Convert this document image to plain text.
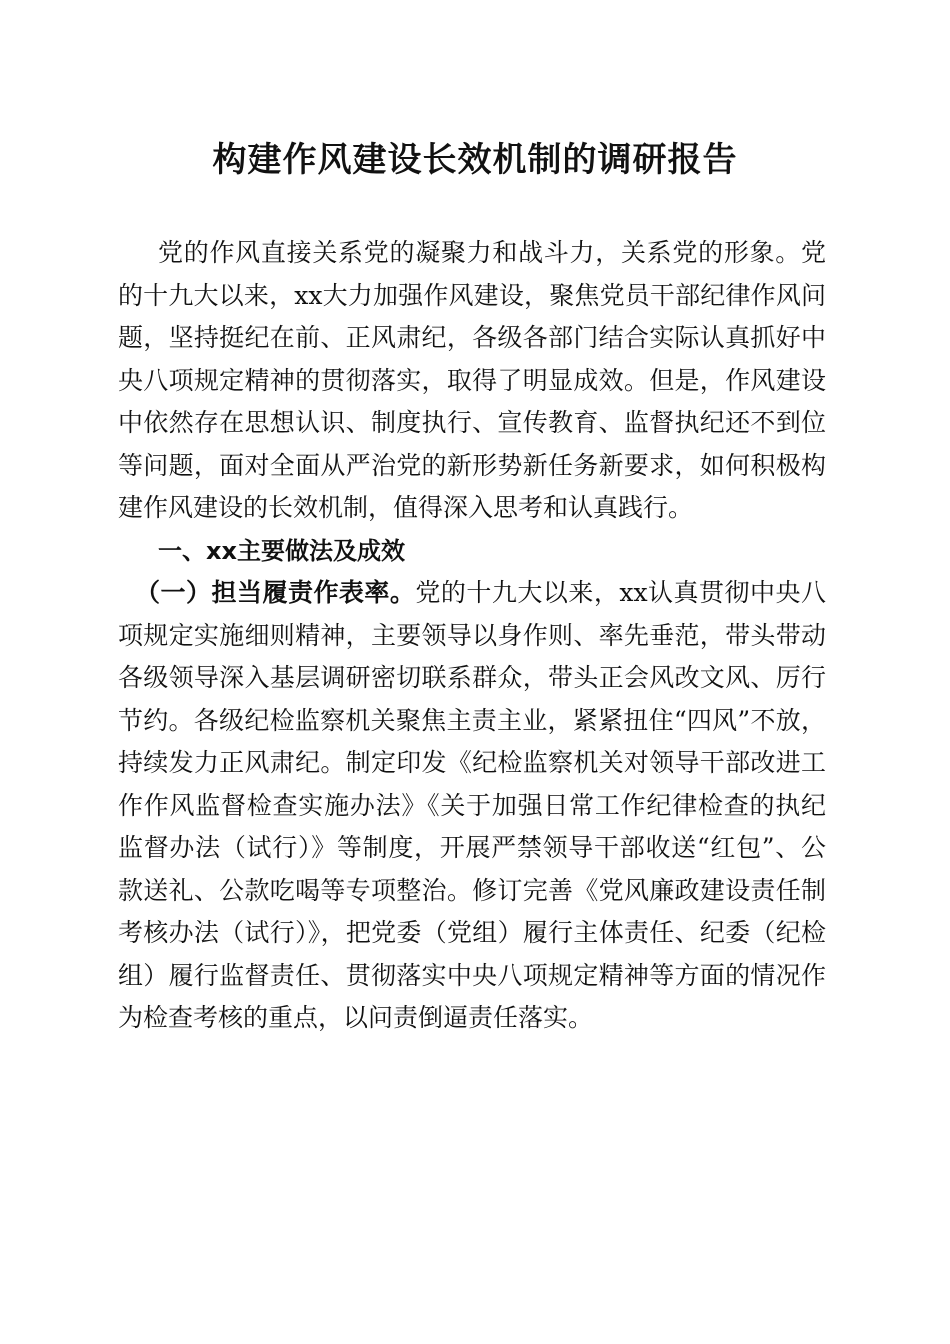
构建作风建设长效机制的调研报告

党的作风直接关系党的凝聚力和战斗力，关系党的形象。党的十九大以来，xx大力加强作风建设，聚焦党员干部纪律作风问题，坚持挺纪在前、正风肃纪，各级各部门结合实际认真抓好中央八项规定精神的贯彻落实，取得了明显成效。但是，作风建设中依然存在思想认识、制度执行、宣传教育、监督执纪还不到位等问题，面对全面从严治党的新形势新任务新要求，如何积极构建作风建设的长效机制，值得深入思考和认真践行。

一、xx主要做法及成效

（一）担当履责作表率。党的十九大以来，xx认真贯彻中央八项规定实施细则精神，主要领导以身作则、率先垂范，带头带动各级领导深入基层调研密切联系群众，带头正会风改文风、厉行节约。各级纪检监察机关聚焦主责主业，紧紧扭住“四风”不放，持续发力正风肃纪。制定印发《纪检监察机关对领导干部改进工作作风监督检查实施办法》《关于加强日常工作纪律检查的执纪监督办法（试行）》等制度，开展严禁领导干部收送“红包”、公款送礼、公款吃喝等专项整治。修订完善《党风廉政建设责任制考核办法（试行）》，把党委（党组）履行主体责任、纪委（纪检组）履行监督责任、贯彻落实中央八项规定精神等方面的情况作为检查考核的重点，以问责倒逼责任落实。
